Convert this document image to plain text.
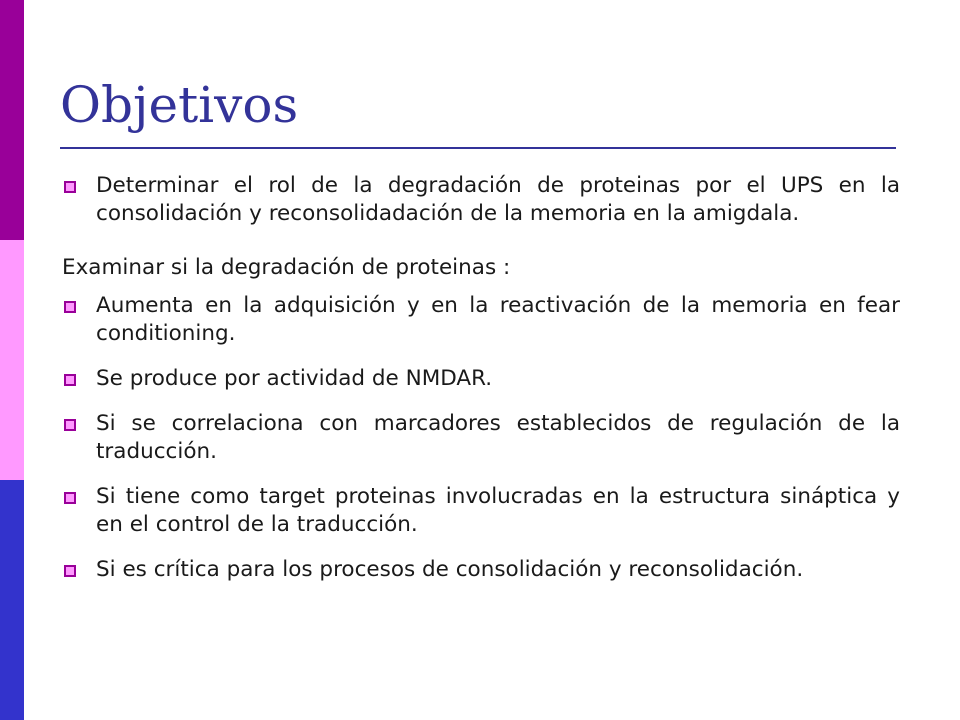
Objetivos
Determinar el rol de la degradación de proteinas por el UPS en la consolidación y reconsolidadación de la memoria en la amigdala.
Examinar si la degradación de proteinas :
Aumenta en la adquisición y en la reactivación de la memoria en fear conditioning.
Se produce por actividad de NMDAR.
Si se correlaciona con marcadores establecidos de regulación de la traducción.
Si tiene como target proteinas involucradas en la estructura sináptica y en el control de la traducción.
Si es crítica para los procesos de consolidación y reconsolidación.
